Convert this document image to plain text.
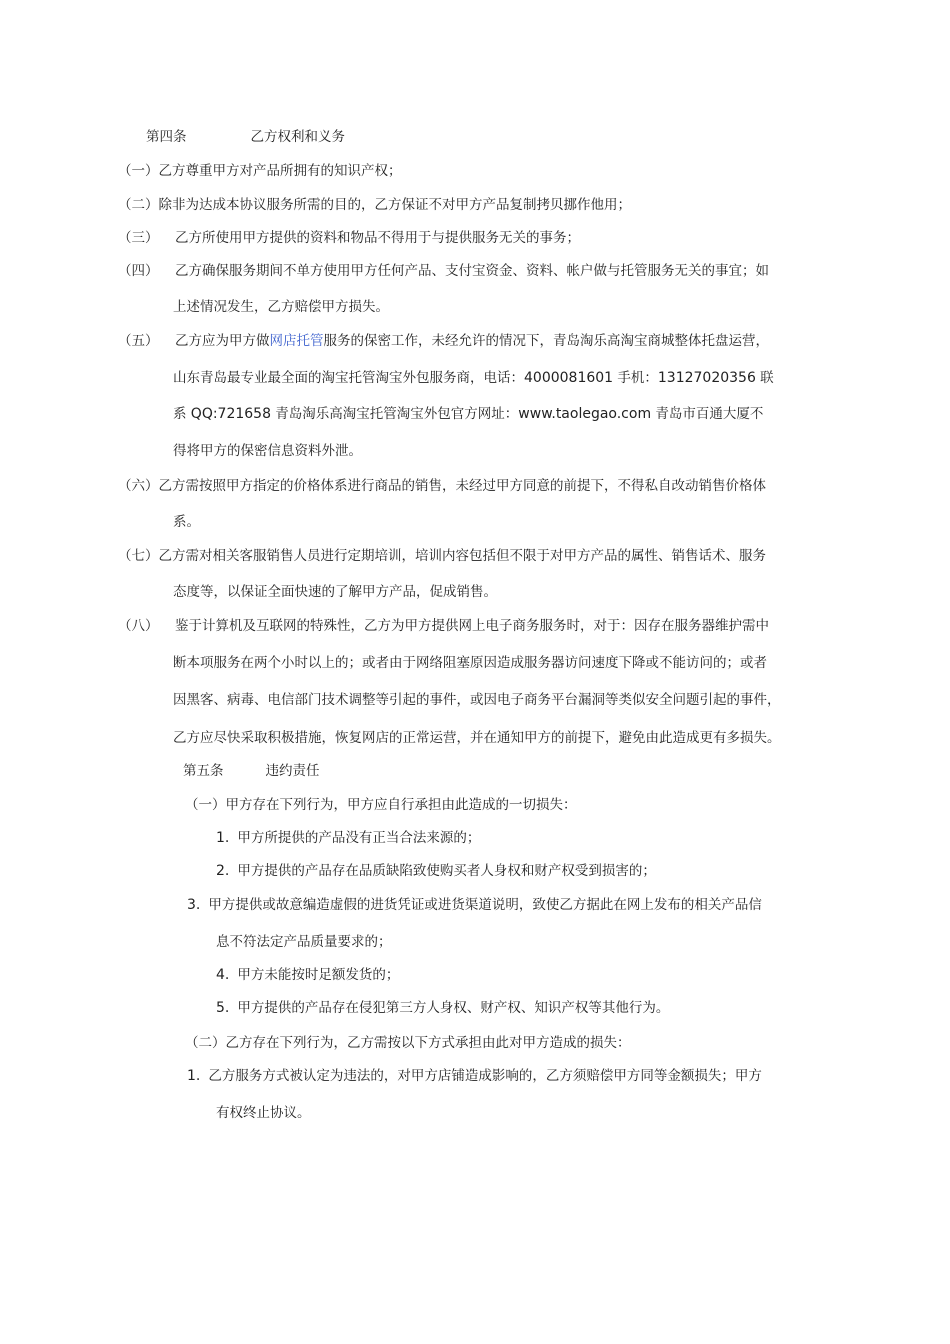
第四条	乙方权利和义务
（一）乙方尊重甲方对产品所拥有的知识产权；
（二）除非为达成本协议服务所需的目的，乙方保证不对甲方产品复制拷贝挪作他用；
（三） 乙方所使用甲方提供的资料和物品不得用于与提供服务无关的事务；
（四） 乙方确保服务期间不单方使用甲方任何产品、支付宝资金、资料、帐户做与托管服务无关的事宜；如
上述情况发生，乙方赔偿甲方损失。
（五） 乙方应为甲方做网店托管服务的保密工作，未经允许的情况下，青岛淘乐高淘宝商城整体托盘运营，
山东青岛最专业最全面的淘宝托管淘宝外包服务商，电话：4000081601 手机：13127020356 联
系 QQ:721658 青岛淘乐高淘宝托管淘宝外包官方网址：www.taolegao.com 青岛市百通大厦不
得将甲方的保密信息资料外泄。
（六）乙方需按照甲方指定的价格体系进行商品的销售，未经过甲方同意的前提下，不得私自改动销售价格体
系。
（七）乙方需对相关客服销售人员进行定期培训，培训内容包括但不限于对甲方产品的属性、销售话术、服务
态度等，以保证全面快速的了解甲方产品，促成销售。
（八） 鉴于计算机及互联网的特殊性，乙方为甲方提供网上电子商务服务时，对于：因存在服务器维护需中
断本项服务在两个小时以上的；或者由于网络阻塞原因造成服务器访问速度下降或不能访问的；或者
因黑客、病毒、电信部门技术调整等引起的事件，或因电子商务平台漏洞等类似安全问题引起的事件，
乙方应尽快采取积极措施，恢复网店的正常运营，并在通知甲方的前提下，避免由此造成更有多损失。
第五条	违约责任
（一）甲方存在下列行为，甲方应自行承担由此造成的一切损失：
1. 甲方所提供的产品没有正当合法来源的；
2. 甲方提供的产品存在品质缺陷致使购买者人身权和财产权受到损害的；
3. 甲方提供或故意编造虚假的进货凭证或进货渠道说明，致使乙方据此在网上发布的相关产品信
息不符法定产品质量要求的；
4. 甲方未能按时足额发货的；
5. 甲方提供的产品存在侵犯第三方人身权、财产权、知识产权等其他行为。
（二）乙方存在下列行为，乙方需按以下方式承担由此对甲方造成的损失：
1. 乙方服务方式被认定为违法的，对甲方店铺造成影响的，乙方须赔偿甲方同等金额损失；甲方
有权终止协议。
